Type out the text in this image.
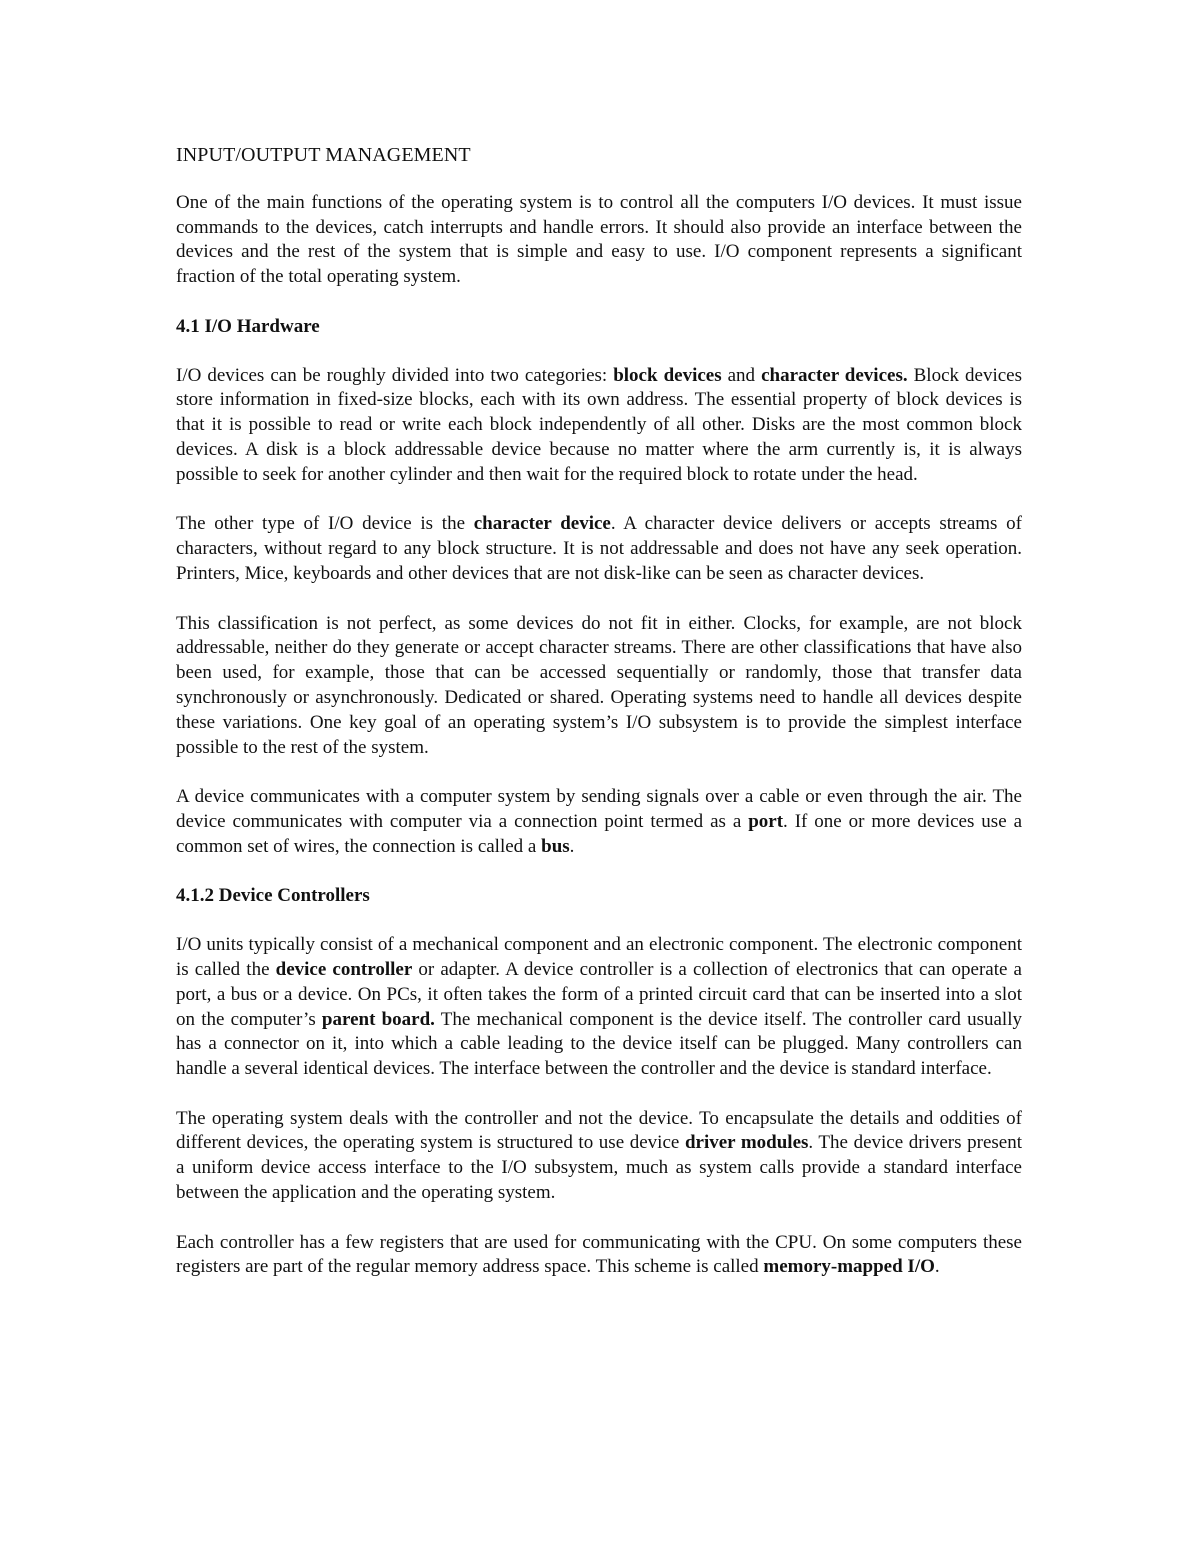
INPUT/OUTPUT MANAGEMENT

One of the main functions of the operating system is to control all the computers I/O devices. It must issue commands to the devices, catch interrupts and handle errors. It should also provide an interface between the devices and the rest of the system that is simple and easy to use. I/O component represents a significant fraction of the total operating system.

4.1 I/O Hardware

I/O devices can be roughly divided into two categories: block devices and character devices. Block devices store information in fixed-size blocks, each with its own address. The essential property of block devices is that it is possible to read or write each block independently of all other. Disks are the most common block devices. A disk is a block addressable device because no matter where the arm currently is, it is always possible to seek for another cylinder and then wait for the required block to rotate under the head.

The other type of I/O device is the character device. A character device delivers or accepts streams of characters, without regard to any block structure. It is not addressable and does not have any seek operation. Printers, Mice, keyboards and other devices that are not disk-like can be seen as character devices.

This classification is not perfect, as some devices do not fit in either. Clocks, for example, are not block addressable, neither do they generate or accept character streams. There are other classifications that have also been used, for example, those that can be accessed sequentially or randomly, those that transfer data synchronously or asynchronously. Dedicated or shared. Operating systems need to handle all devices despite these variations. One key goal of an operating system’s I/O subsystem is to provide the simplest interface possible to the rest of the system.

A device communicates with a computer system by sending signals over a cable or even through the air. The device communicates with computer via a connection point termed as a port. If one or more devices use a common set of wires, the connection is called a bus.

4.1.2 Device Controllers

I/O units typically consist of a mechanical component and an electronic component. The electronic component is called the device controller or adapter. A device controller is a collection of electronics that can operate a port, a bus or a device. On PCs, it often takes the form of a printed circuit card that can be inserted into a slot on the computer’s parent board. The mechanical component is the device itself. The controller card usually has a connector on it, into which a cable leading to the device itself can be plugged. Many controllers can handle a several identical devices. The interface between the controller and the device is standard interface.

The operating system deals with the controller and not the device. To encapsulate the details and oddities of different devices, the operating system is structured to use device driver modules. The device drivers present a uniform device access interface to the I/O subsystem, much as system calls provide a standard interface between the application and the operating system.

Each controller has a few registers that are used for communicating with the CPU. On some computers these registers are part of the regular memory address space. This scheme is called memory-mapped I/O.
